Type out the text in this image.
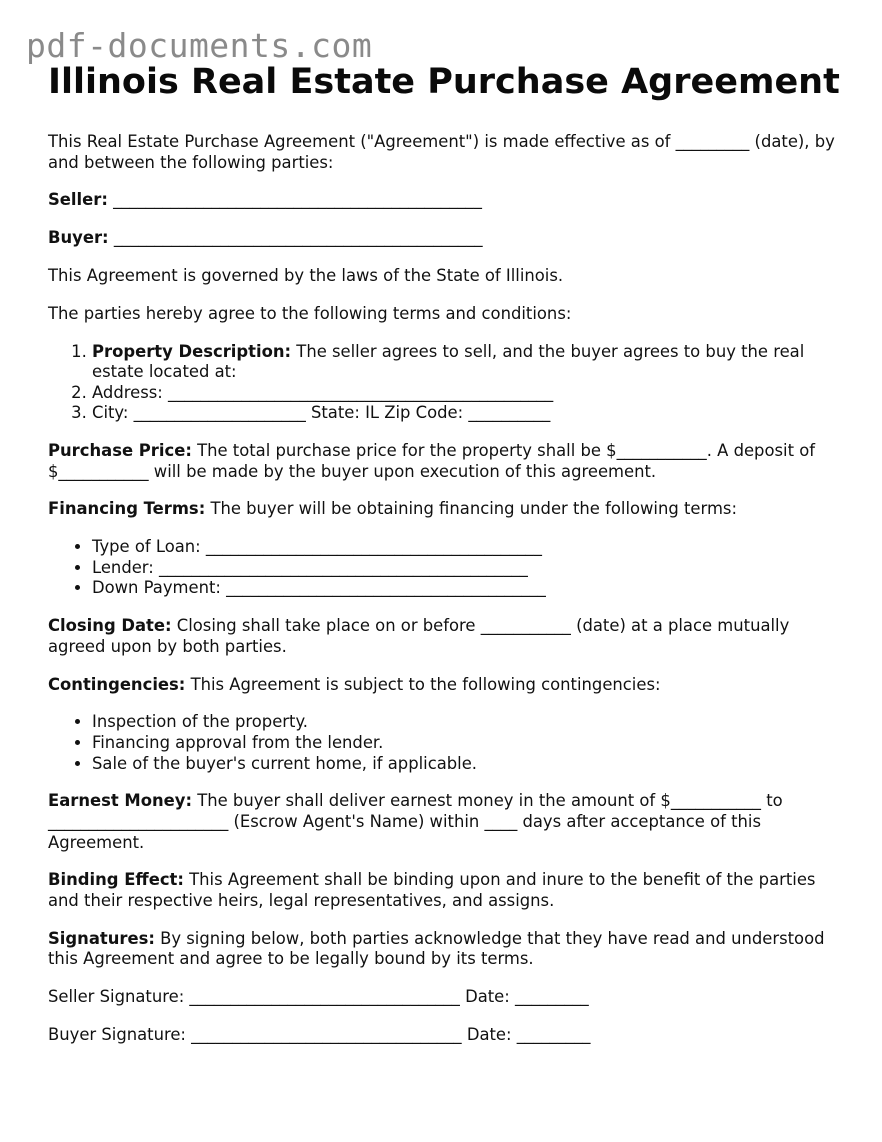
pdf-documents.com
Illinois Real Estate Purchase Agreement

This Real Estate Purchase Agreement ("Agreement") is made effective as of _________ (date), by and between the following parties:

Seller: _____________________________________________

Buyer: _____________________________________________

This Agreement is governed by the laws of the State of Illinois.

The parties hereby agree to the following terms and conditions:

1. Property Description: The seller agrees to sell, and the buyer agrees to buy the real estate located at:
2. Address: _______________________________________________
3. City: _____________________ State: IL Zip Code: __________

Purchase Price: The total purchase price for the property shall be $___________. A deposit of $___________ will be made by the buyer upon execution of this agreement.

Financing Terms: The buyer will be obtaining financing under the following terms:

• Type of Loan: _________________________________________
• Lender: _____________________________________________
• Down Payment: _______________________________________

Closing Date: Closing shall take place on or before ___________ (date) at a place mutually agreed upon by both parties.

Contingencies: This Agreement is subject to the following contingencies:

• Inspection of the property.
• Financing approval from the lender.
• Sale of the buyer's current home, if applicable.

Earnest Money: The buyer shall deliver earnest money in the amount of $___________ to ______________________ (Escrow Agent's Name) within ____ days after acceptance of this Agreement.

Binding Effect: This Agreement shall be binding upon and inure to the benefit of the parties and their respective heirs, legal representatives, and assigns.

Signatures: By signing below, both parties acknowledge that they have read and understood this Agreement and agree to be legally bound by its terms.

Seller Signature: _________________________________ Date: _________

Buyer Signature: _________________________________ Date: _________
